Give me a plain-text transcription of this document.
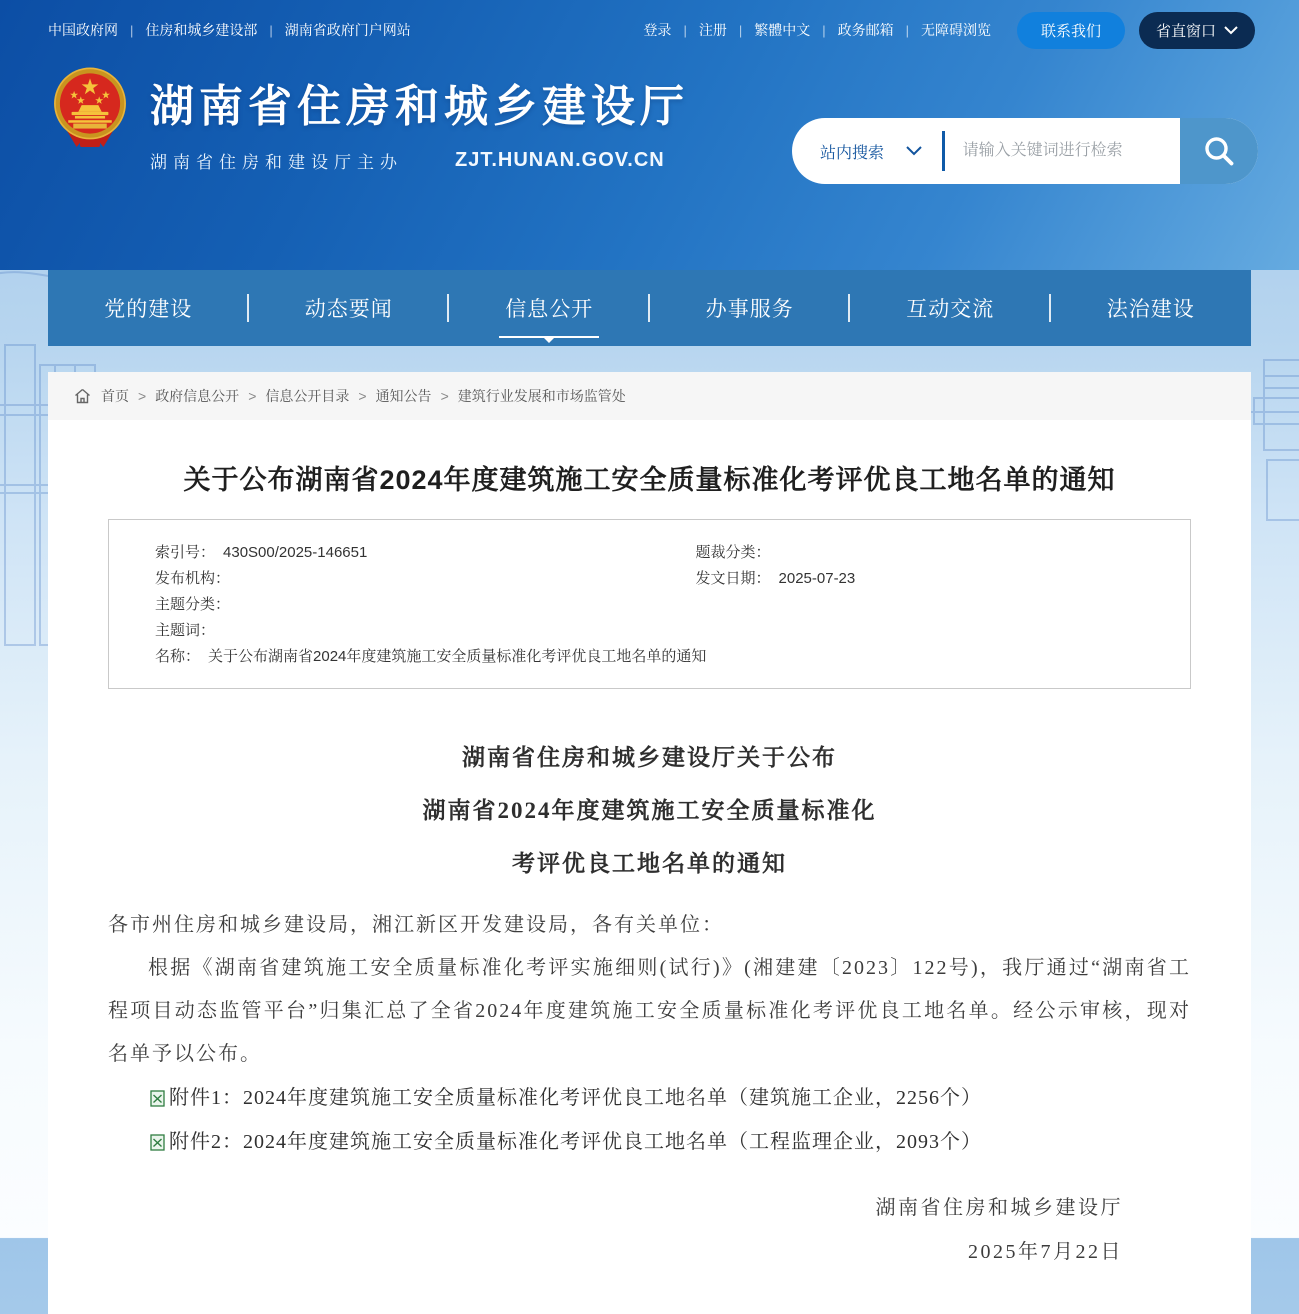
中国政府网 | 住房和城乡建设部 | 湖南省政府门户网站	登录 | 注册 | 繁體中文 | 政务邮箱 | 无障碍浏览	联系我们	省直窗口
湖南省住房和城乡建设厅
湖南省住房和建设厅主办	ZJT.HUNAN.GOV.CN	站内搜索
请输入关键词进行检索
党的建设	动态要闻	信息公开	办事服务	互动交流	法治建设
首页 > 政府信息公开 > 信息公开目录 > 通知公告 > 建筑行业发展和市场监管处
关于公布湖南省2024年度建筑施工安全质量标准化考评优良工地名单的通知
索引号： 430S00/2025-146651	题裁分类：
发布机构：	发文日期： 2025-07-23
主题分类：
主题词：
名称： 关于公布湖南省2024年度建筑施工安全质量标准化考评优良工地名单的通知
湖南省住房和城乡建设厅关于公布
湖南省2024年度建筑施工安全质量标准化
考评优良工地名单的通知

各市州住房和城乡建设局，湘江新区开发建设局，各有关单位：

根据《湖南省建筑施工安全质量标准化考评实施细则(试行)》(湘建建〔2023〕122号)，我厅通过“湖南省工程项目动态监管平台”归集汇总了全省2024年度建筑施工安全质量标准化考评优良工地名单。经公示审核，现对名单予以公布。

附件1：2024年度建筑施工安全质量标准化考评优良工地名单（建筑施工企业，2256个）
附件2：2024年度建筑施工安全质量标准化考评优良工地名单（工程监理企业，2093个）
湖南省住房和城乡建设厅
2025年7月22日
